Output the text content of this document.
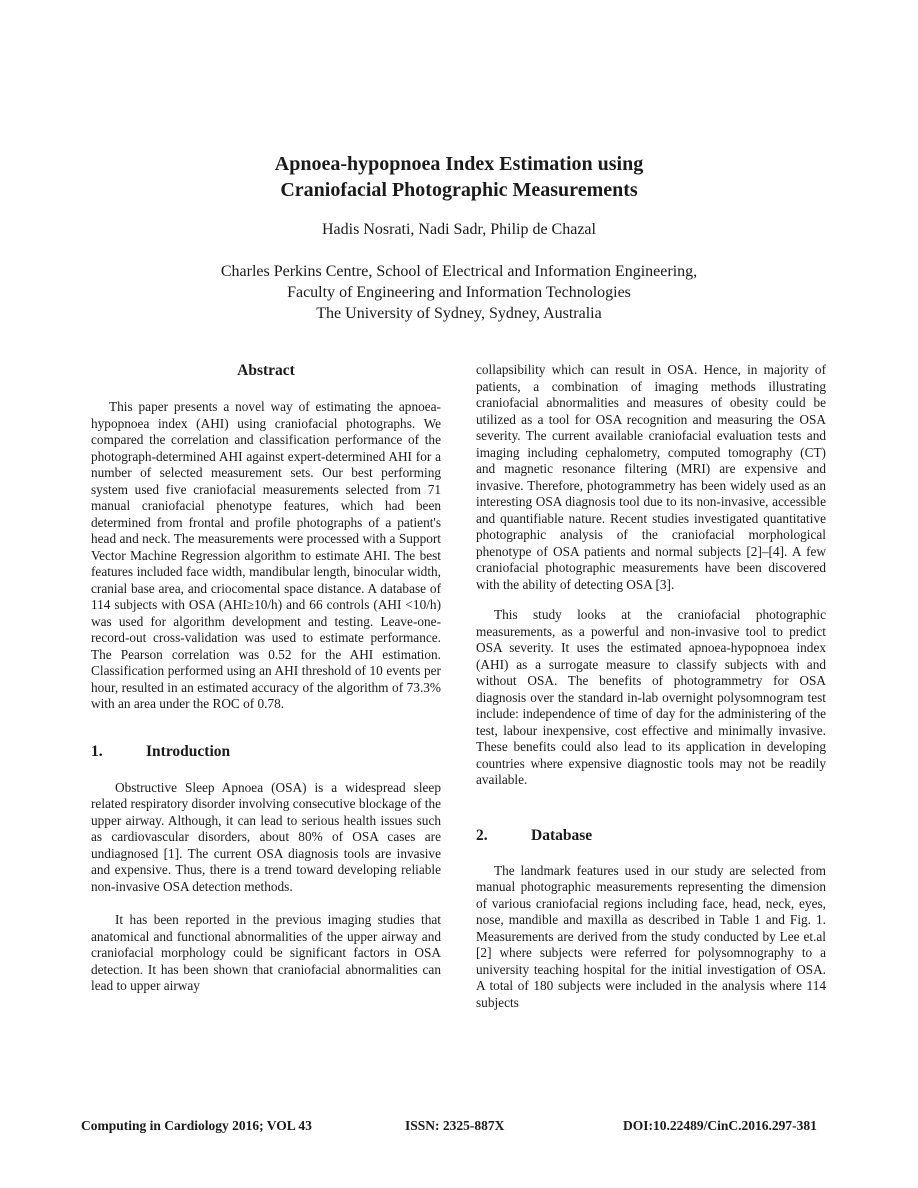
Apnoea-hypopnoea Index Estimation using
Craniofacial Photographic Measurements
Hadis Nosrati, Nadi Sadr, Philip de Chazal
Charles Perkins Centre, School of Electrical and Information Engineering,
Faculty of Engineering and Information Technologies
The University of Sydney, Sydney, Australia
Abstract

This paper presents a novel way of estimating the apnoea-hypopnoea index (AHI) using craniofacial photographs. We compared the correlation and classification performance of the photograph-determined AHI against expert-determined AHI for a number of selected measurement sets. Our best performing system used five craniofacial measurements selected from 71 manual craniofacial phenotype features, which had been determined from frontal and profile photographs of a patient's head and neck. The measurements were processed with a Support Vector Machine Regression algorithm to estimate AHI. The best features included face width, mandibular length, binocular width, cranial base area, and criocomental space distance. A database of 114 subjects with OSA (AHI≥10/h) and 66 controls (AHI <10/h) was used for algorithm development and testing. Leave-one-record-out cross-validation was used to estimate performance. The Pearson correlation was 0.52 for the AHI estimation. Classification performed using an AHI threshold of 10 events per hour, resulted in an estimated accuracy of the algorithm of 73.3% with an area under the ROC of 0.78.

1.	Introduction

Obstructive Sleep Apnoea (OSA) is a widespread sleep related respiratory disorder involving consecutive blockage of the upper airway. Although, it can lead to serious health issues such as cardiovascular disorders, about 80% of OSA cases are undiagnosed [1]. The current OSA diagnosis tools are invasive and expensive. Thus, there is a trend toward developing reliable non-invasive OSA detection methods.

It has been reported in the previous imaging studies that anatomical and functional abnormalities of the upper airway and craniofacial morphology could be significant factors in OSA detection. It has been shown that craniofacial abnormalities can lead to upper airway

collapsibility which can result in OSA. Hence, in majority of patients, a combination of imaging methods illustrating craniofacial abnormalities and measures of obesity could be utilized as a tool for OSA recognition and measuring the OSA severity. The current available craniofacial evaluation tests and imaging including cephalometry, computed tomography (CT) and magnetic resonance filtering (MRI) are expensive and invasive. Therefore, photogrammetry has been widely used as an interesting OSA diagnosis tool due to its non-invasive, accessible and quantifiable nature. Recent studies investigated quantitative photographic analysis of the craniofacial morphological phenotype of OSA patients and normal subjects [2]–[4]. A few craniofacial photographic measurements have been discovered with the ability of detecting OSA [3].

This study looks at the craniofacial photographic measurements, as a powerful and non-invasive tool to predict OSA severity. It uses the estimated apnoea-hypopnoea index (AHI) as a surrogate measure to classify subjects with and without OSA. The benefits of photogrammetry for OSA diagnosis over the standard in-lab overnight polysomnogram test include: independence of time of day for the administering of the test, labour inexpensive, cost effective and minimally invasive. These benefits could also lead to its application in developing countries where expensive diagnostic tools may not be readily available.

2.	Database

The landmark features used in our study are selected from manual photographic measurements representing the dimension of various craniofacial regions including face, head, neck, eyes, nose, mandible and maxilla as described in Table 1 and Fig. 1. Measurements are derived from the study conducted by Lee et.al [2] where subjects were referred for polysomnography to a university teaching hospital for the initial investigation of OSA. A total of 180 subjects were included in the analysis where 114 subjects

Computing in Cardiology 2016; VOL 43	ISSN: 2325-887X	DOI:10.22489/CinC.2016.297-381
